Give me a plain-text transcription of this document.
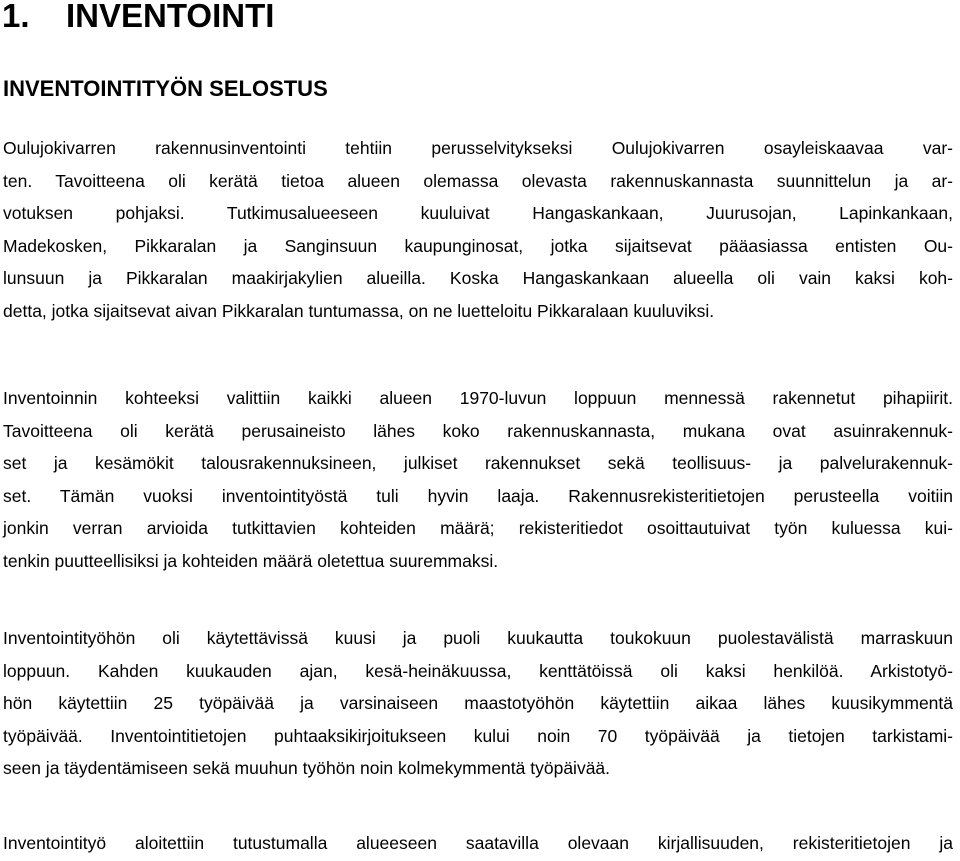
1. INVENTOINTI
INVENTOINTITYÖN SELOSTUS

Oulujokivarren rakennusinventointi tehtiin perusselvitykseksi Oulujokivarren osayleiskaavaa var-
ten. Tavoitteena oli kerätä tietoa alueen olemassa olevasta rakennuskannasta suunnittelun ja ar-
votuksen pohjaksi. Tutkimusalueeseen kuuluivat Hangaskankaan, Juurusojan, Lapinkankaan,
Madekosken, Pikkaralan ja Sanginsuun kaupunginosat, jotka sijaitsevat pääasiassa entisten Ou-
lunsuun ja Pikkaralan maakirjakylien alueilla. Koska Hangaskankaan alueella oli vain kaksi koh-
detta, jotka sijaitsevat aivan Pikkaralan tuntumassa, on ne luetteloitu Pikkaralaan kuuluviksi.

Inventoinnin kohteeksi valittiin kaikki alueen 1970-luvun loppuun mennessä rakennetut pihapiirit.
Tavoitteena oli kerätä perusaineisto lähes koko rakennuskannasta, mukana ovat asuinrakennuk-
set ja kesämökit talousrakennuksineen, julkiset rakennukset sekä teollisuus- ja palvelurakennuk-
set. Tämän vuoksi inventointityöstä tuli hyvin laaja. Rakennusrekisteritietojen perusteella voitiin
jonkin verran arvioida tutkittavien kohteiden määrä; rekisteritiedot osoittautuivat työn kuluessa kui-
tenkin puutteellisiksi ja kohteiden määrä oletettua suuremmaksi.

Inventointityöhön oli käytettävissä kuusi ja puoli kuukautta toukokuun puolestavälistä marraskuun
loppuun. Kahden kuukauden ajan, kesä-heinäkuussa, kenttätöissä oli kaksi henkilöä. Arkistotyö-
hön käytettiin 25 työpäivää ja varsinaiseen maastotyöhön käytettiin aikaa lähes kuusikymmentä
työpäivää. Inventointitietojen puhtaaksikirjoitukseen kului noin 70 työpäivää ja tietojen tarkistami-
seen ja täydentämiseen sekä muuhun työhön noin kolmekymmentä työpäivää.

Inventointityö aloitettiin tutustumalla alueeseen saatavilla olevaan kirjallisuuden, rekisteritietojen ja
